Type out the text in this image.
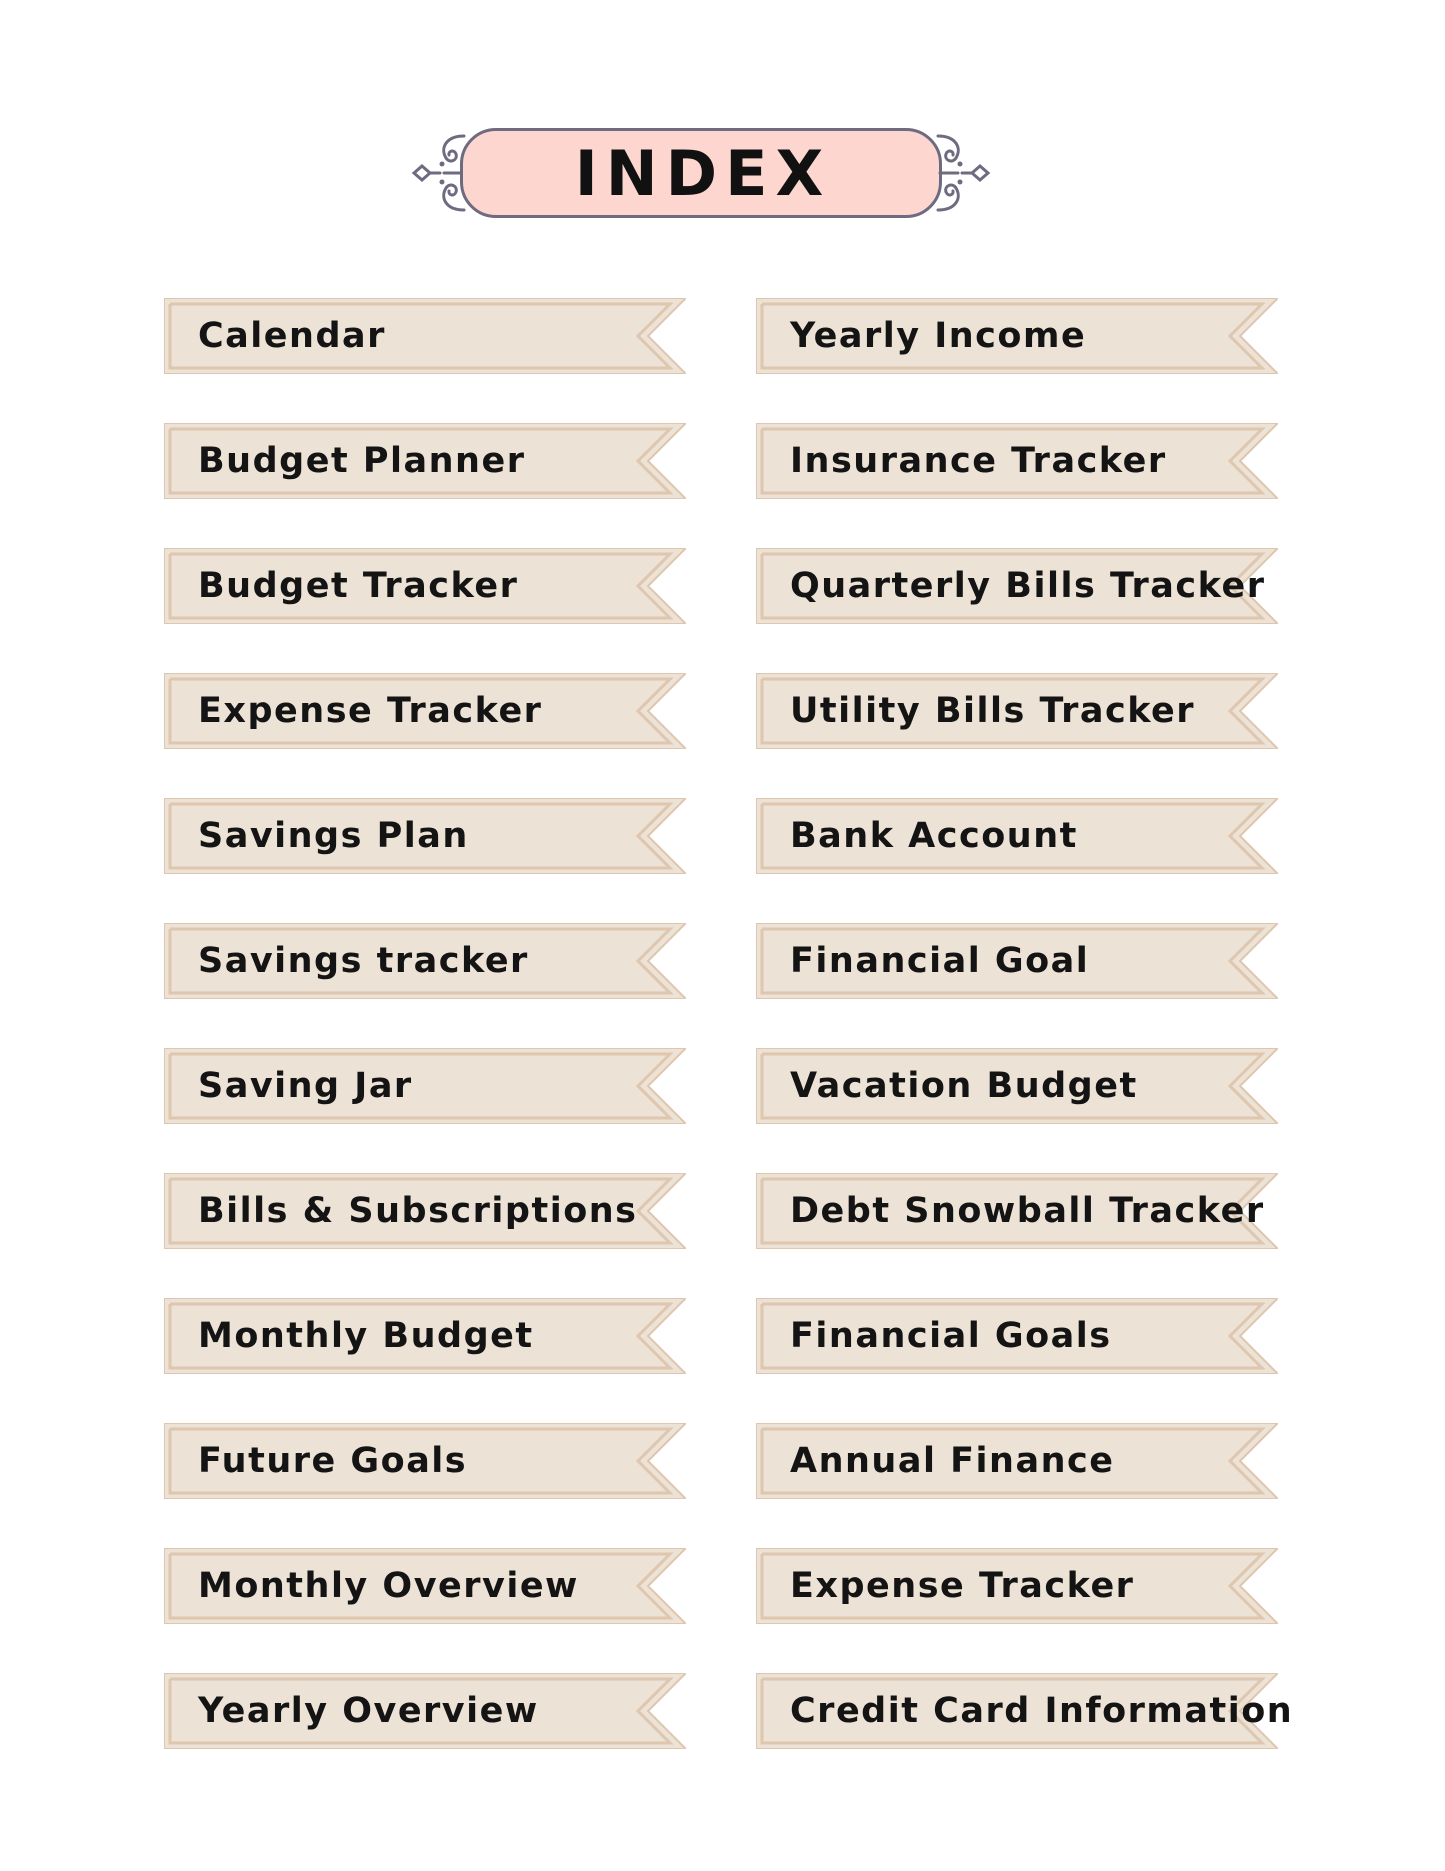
INDEX
Calendar	Yearly Income
Budget Planner	Insurance Tracker
Budget Tracker	Quarterly Bills Tracker
Expense Tracker	Utility Bills Tracker
Savings Plan	Bank Account
Savings tracker	Financial Goal
Saving Jar	Vacation Budget
Bills & Subscriptions	Debt Snowball Tracker
Monthly Budget	Financial Goals
Future Goals	Annual Finance
Monthly Overview	Expense Tracker
Yearly Overview	Credit Card Information
